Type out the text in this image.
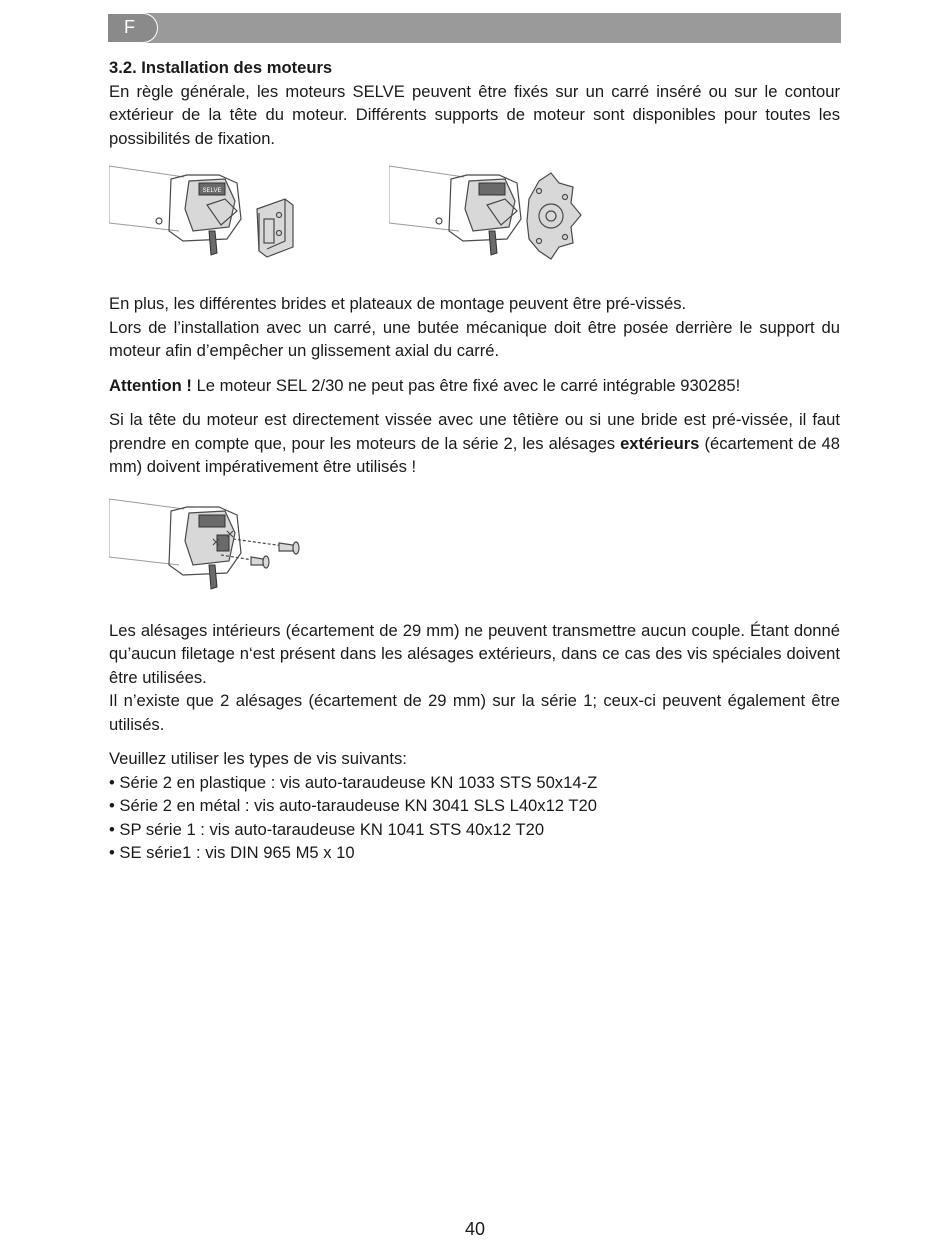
F
3.2. Installation des moteurs

En règle générale, les moteurs SELVE peuvent être fixés sur un carré inséré ou sur le contour extérieur de la tête du moteur. Différents supports de moteur sont disponibles pour toutes les possibilités de fixation.

SELVE

En plus, les différentes brides et plateaux de montage peuvent être pré-vissés.

Lors de l’installation avec un carré, une butée mécanique doit être posée derrière le support du moteur afin d’empêcher un glissement axial du carré.

Attention ! Le moteur SEL 2/30 ne peut pas être fixé avec le carré intégrable 930285!

Si la tête du moteur est directement vissée avec une têtière ou si une bride est pré-vissée, il faut prendre en compte que, pour les moteurs de la série 2, les alésages extérieurs (écartement de 48 mm) doivent impérativement être utilisés !

Les alésages intérieurs (écartement de 29 mm) ne peuvent transmettre aucun couple. Étant donné qu’aucun filetage n‘est présent dans les alésages extérieurs, dans ce cas des vis spéciales doivent être utilisées.

Il n’existe que 2 alésages (écartement de 29 mm) sur la série 1; ceux-ci peuvent également être utilisés.

Veuillez utiliser les types de vis suivants:

• Série 2 en plastique : vis auto-taraudeuse KN 1033 STS 50x14-Z
• Série 2 en métal : vis auto-taraudeuse KN 3041 SLS L40x12 T20
• SP série 1 : vis auto-taraudeuse KN 1041 STS 40x12 T20
• SE série1 : vis DIN 965 M5 x 10
40
